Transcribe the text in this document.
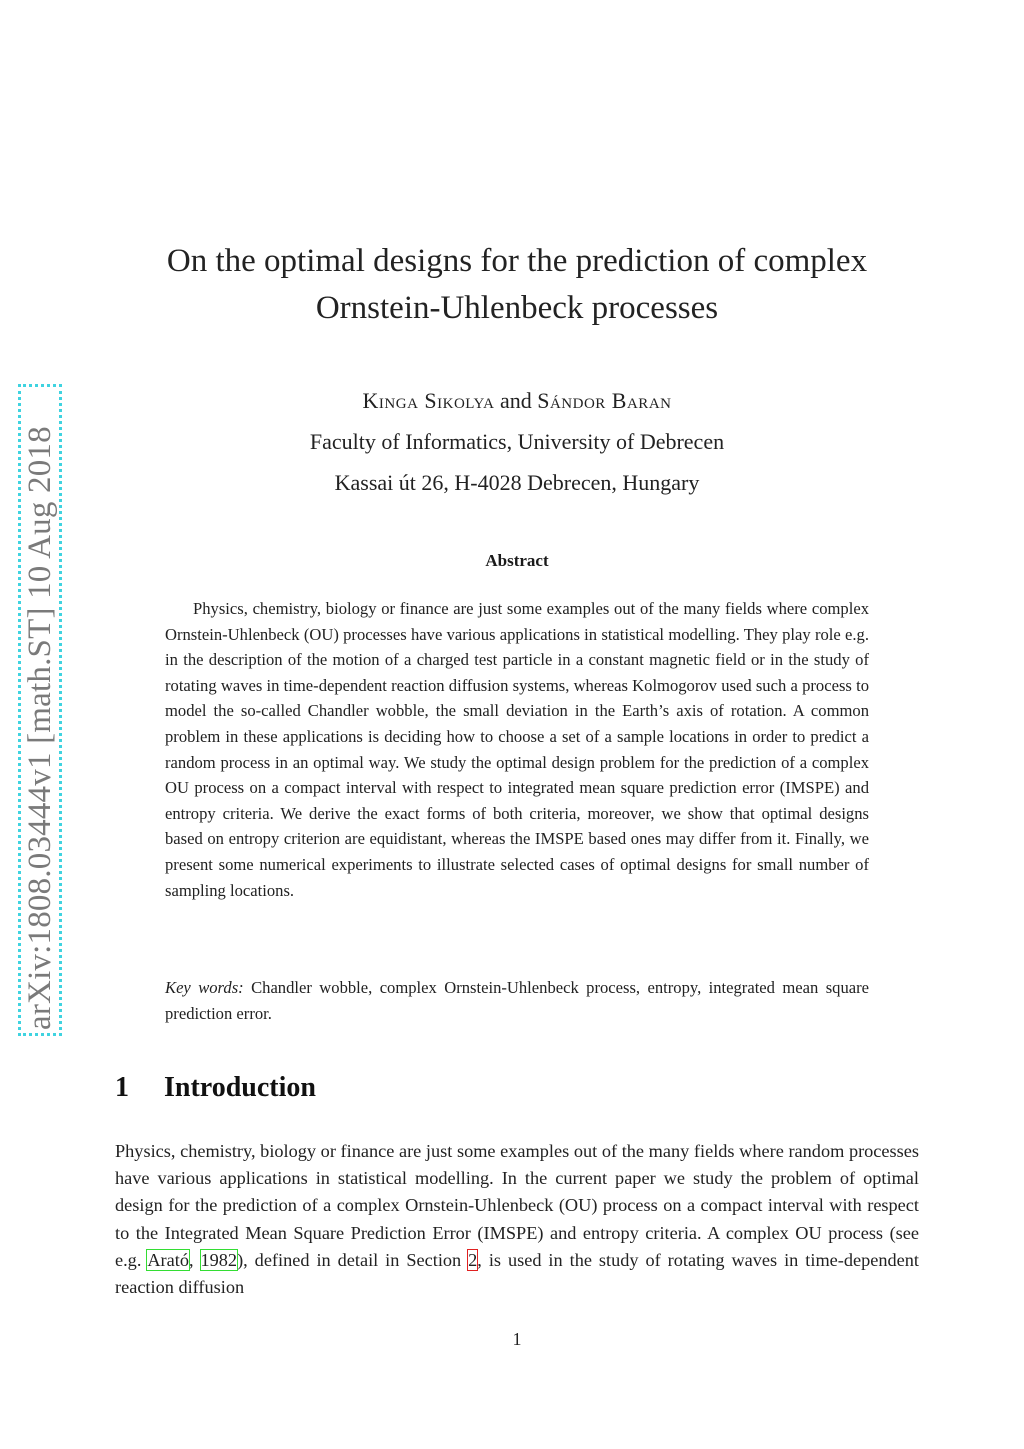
arXiv:1808.03444v1 [math.ST] 10 Aug 2018
On the optimal designs for the prediction of complex
Ornstein-Uhlenbeck processes
Kinga Sikolya and Sándor Baran
Faculty of Informatics, University of Debrecen
Kassai út 26, H-4028 Debrecen, Hungary
Abstract

Physics, chemistry, biology or finance are just some examples out of the many fields where complex Ornstein-Uhlenbeck (OU) processes have various applications in statistical modelling. They play role e.g. in the description of the motion of a charged test particle in a constant magnetic field or in the study of rotating waves in time-dependent reaction diffusion systems, whereas Kolmogorov used such a process to model the so-called Chandler wobble, the small deviation in the Earth’s axis of rotation. A common problem in these applications is deciding how to choose a set of a sample locations in order to predict a random process in an optimal way. We study the optimal design problem for the prediction of a complex OU process on a compact interval with respect to integrated mean square prediction error (IMSPE) and entropy criteria. We derive the exact forms of both criteria, moreover, we show that optimal designs based on entropy criterion are equidistant, whereas the IMSPE based ones may differ from it. Finally, we present some numerical experiments to illustrate selected cases of optimal designs for small number of sampling locations.

Key words: Chandler wobble, complex Ornstein-Uhlenbeck process, entropy, integrated mean square prediction error.

1 Introduction

Physics, chemistry, biology or finance are just some examples out of the many fields where random processes have various applications in statistical modelling. In the current paper we study the problem of optimal design for the prediction of a complex Ornstein-Uhlenbeck (OU) process on a compact interval with respect to the Integrated Mean Square Prediction Error (IMSPE) and entropy criteria. A complex OU process (see e.g. Arató, 1982), defined in detail in Section 2, is used in the study of rotating waves in time-dependent reaction diffusion

1
